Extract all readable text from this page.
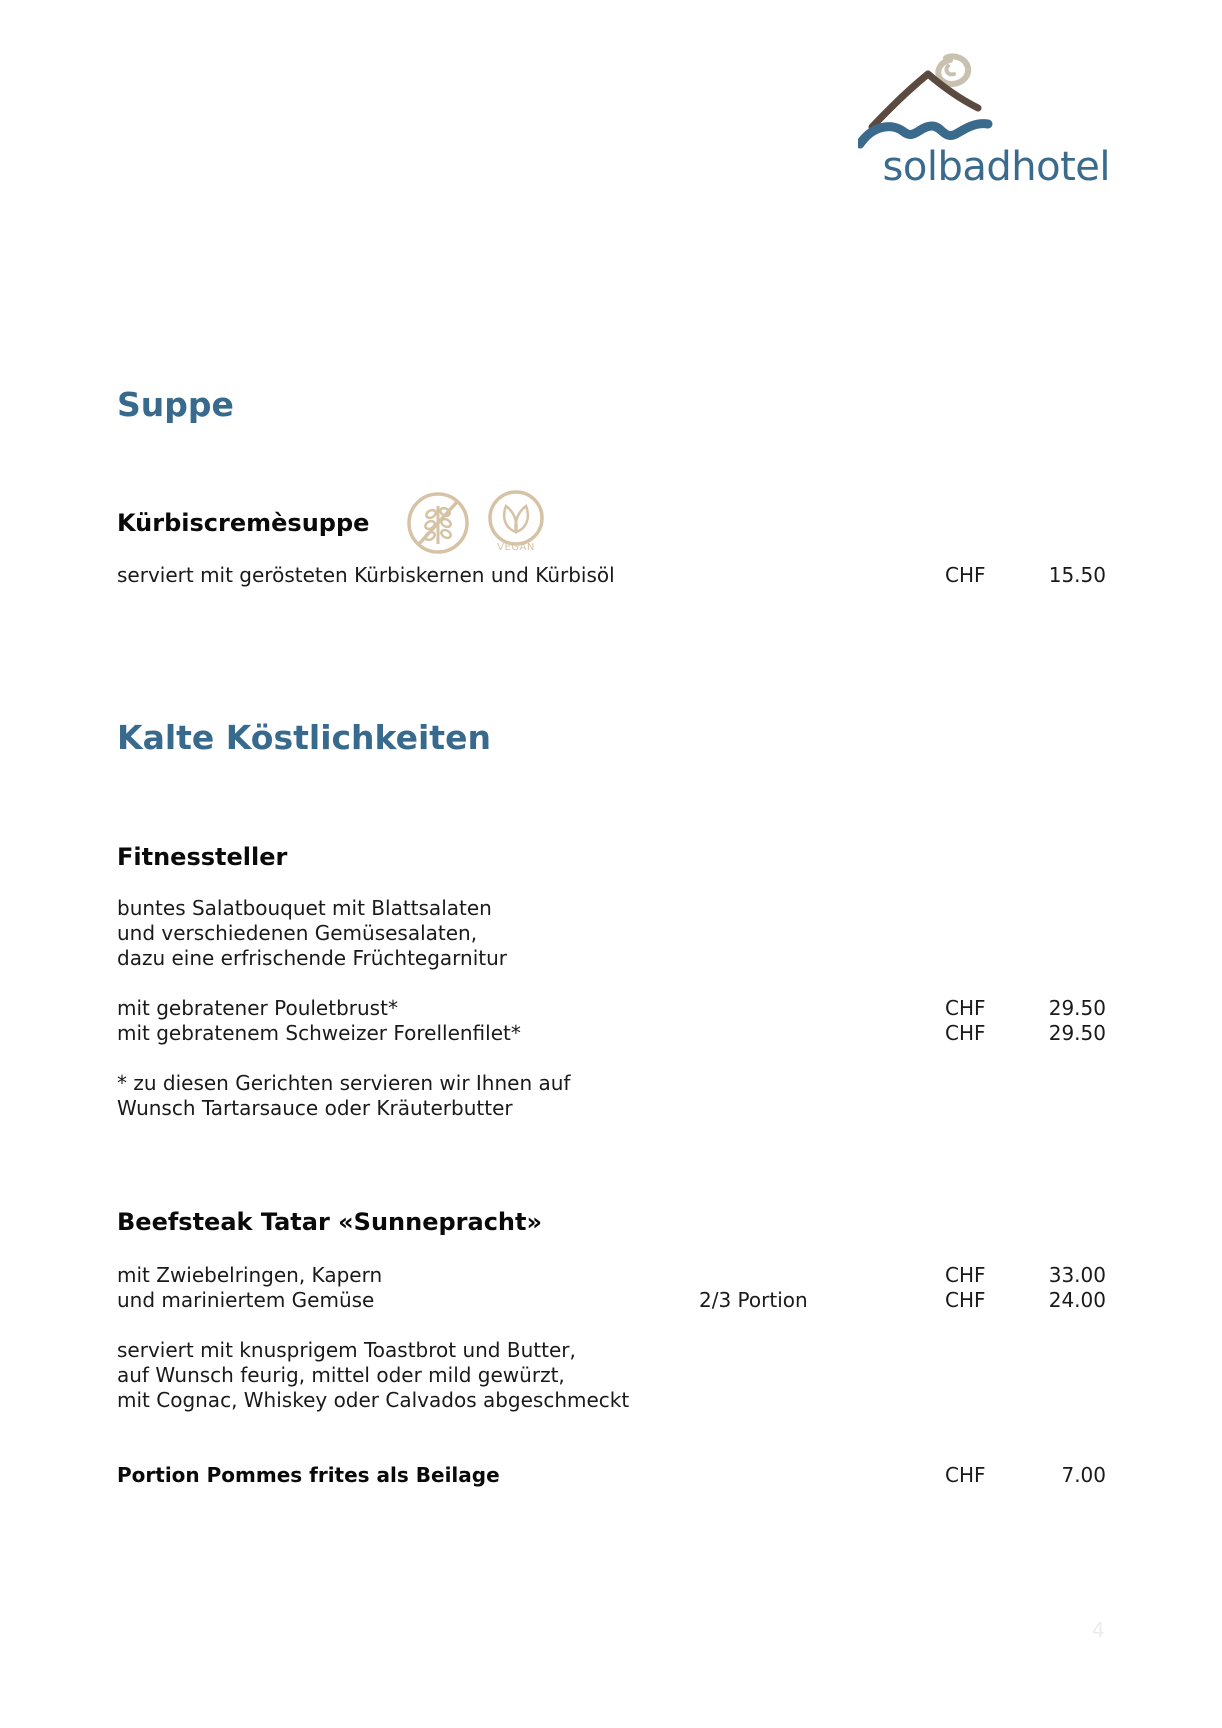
solbadhotel
Suppe
Kürbiscremèsuppe
VEGAN
serviert mit gerösteten Kürbiskernen und Kürbisöl	CHF	15.50
Kalte Köstlichkeiten
Fitnessteller
buntes Salatbouquet mit Blattsalaten
und verschiedenen Gemüsesalaten,
dazu eine erfrischende Früchtegarnitur
mit gebratener Pouletbrust*	CHF	29.50
mit gebratenem Schweizer Forellenfilet*	CHF	29.50
* zu diesen Gerichten servieren wir Ihnen auf
Wunsch Tartarsauce oder Kräuterbutter
Beefsteak Tatar «Sunnepracht»
mit Zwiebelringen, Kapern	CHF	33.00
und mariniertem Gemüse	2/3 Portion	CHF	24.00
serviert mit knusprigem Toastbrot und Butter,
auf Wunsch feurig, mittel oder mild gewürzt,
mit Cognac, Whiskey oder Calvados abgeschmeckt
Portion Pommes frites als Beilage	CHF	7.00
4
